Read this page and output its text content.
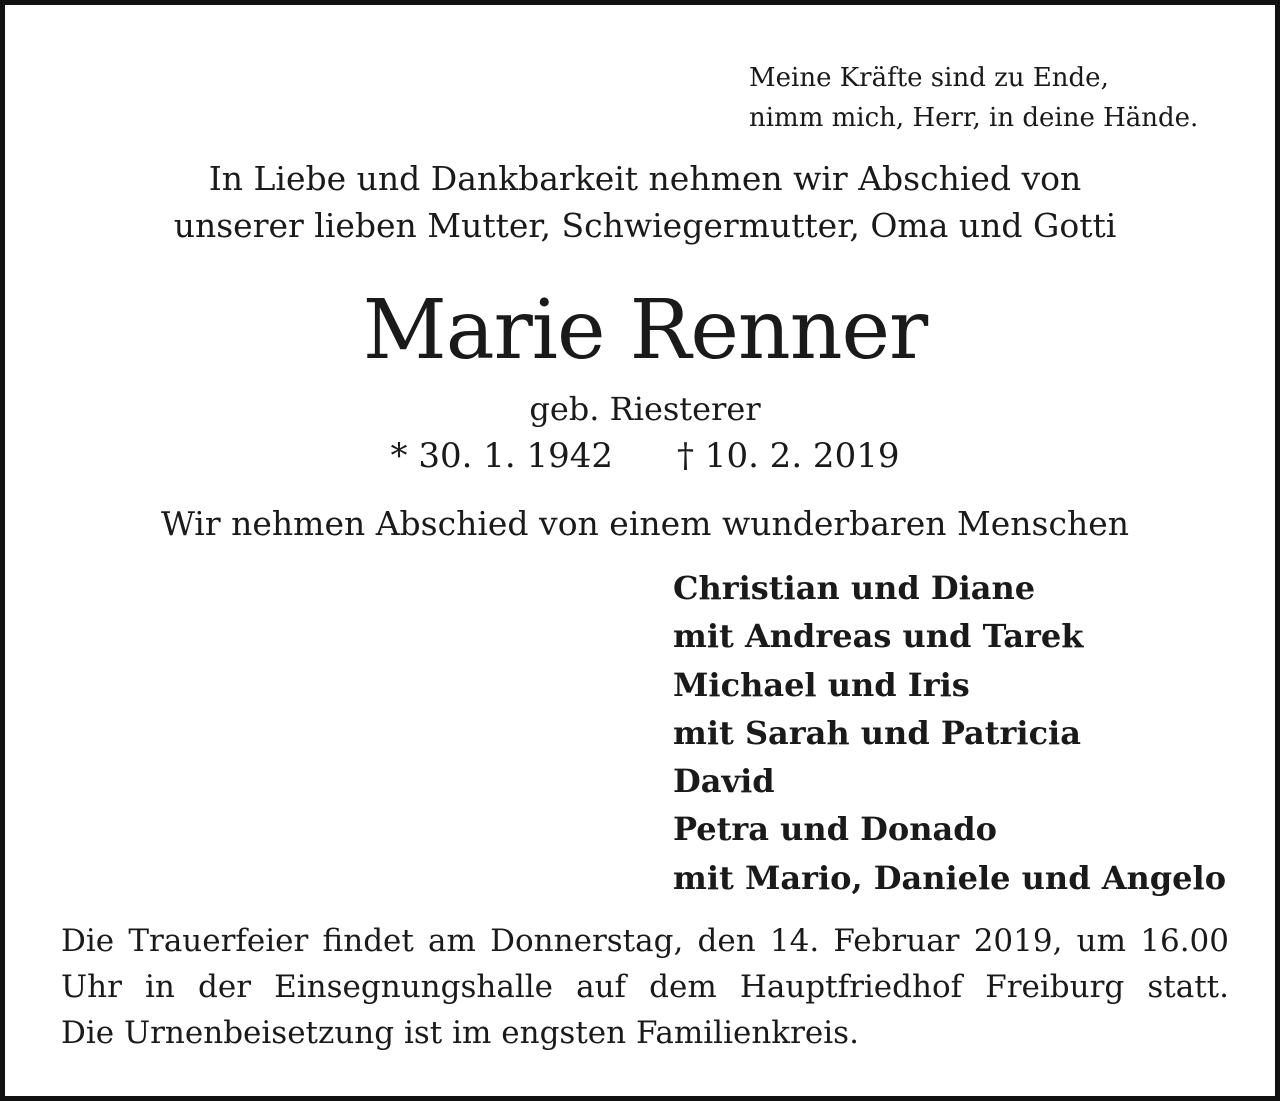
Meine Kräfte sind zu Ende,
nimm mich, Herr, in deine Hände.
In Liebe und Dankbarkeit nehmen wir Abschied von
unserer lieben Mutter, Schwiegermutter, Oma und Gotti
Marie Renner
geb. Riesterer
* 30. 1. 1942 † 10. 2. 2019
Wir nehmen Abschied von einem wunderbaren Menschen
Christian und Diane
mit Andreas und Tarek
Michael und Iris
mit Sarah und Patricia
David
Petra und Donado
mit Mario, Daniele und Angelo
Die Trauerfeier findet am Donnerstag, den 14. Februar 2019, um 16.00
Uhr in der Einsegnungshalle auf dem Hauptfriedhof Freiburg statt.
Die Urnenbeisetzung ist im engsten Familienkreis.
